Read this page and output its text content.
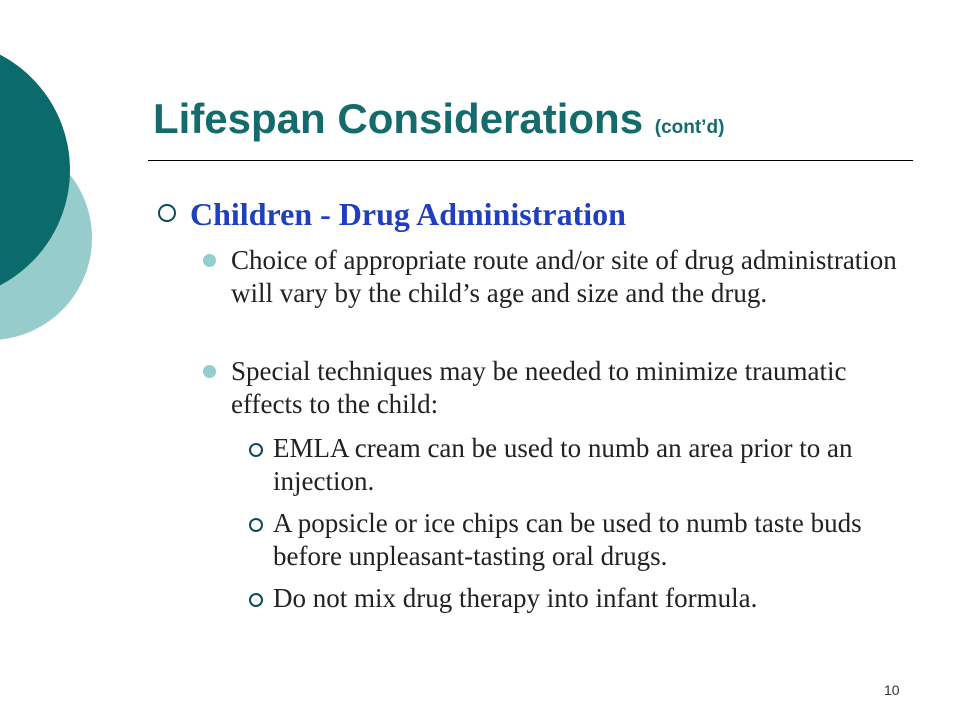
Lifespan Considerations (cont’d)
Children - Drug Administration
Choice of appropriate route and/or site of drug administration will vary by the child’s age and size and the drug.
Special techniques may be needed to minimize traumatic effects to the child:
EMLA cream can be used to numb an area prior to an injection.
A popsicle or ice chips can be used to numb taste buds before unpleasant-tasting oral drugs.
Do not mix drug therapy into infant formula.
10
